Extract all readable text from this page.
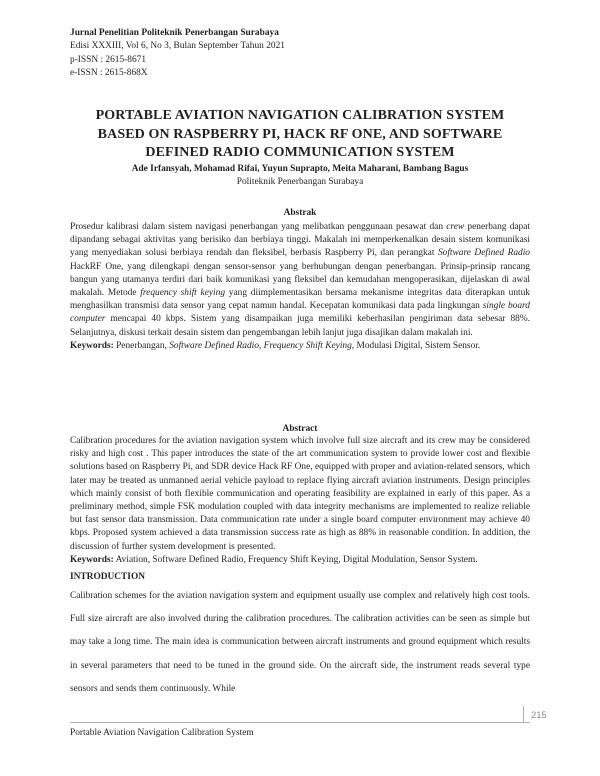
Jurnal Penelitian Politeknik Penerbangan Surabaya
Edisi XXXIII, Vol 6, No 3, Bulan September Tahun 2021
p-ISSN : 2615-8671
e-ISSN : 2615-868X
PORTABLE AVIATION NAVIGATION CALIBRATION SYSTEM
BASED ON RASPBERRY PI, HACK RF ONE, AND SOFTWARE
DEFINED RADIO COMMUNICATION SYSTEM
Ade Irfansyah, Mohamad Rifai, Yuyun Suprapto, Meita Maharani, Bambang Bagus
Politeknik Penerbangan Surabaya
Abstrak

Prosedur kalibrasi dalam sistem navigasi penerbangan yang melibatkan penggunaan pesawat dan crew penerbang dapat dipandang sebagai aktivitas yang berisiko dan berbiaya tinggi. Makalah ini memperkenalkan desain sistem komunikasi yang menyediakan solusi berbiaya rendah dan fleksibel, berbasis Raspberry Pi, dan perangkat Software Defined Radio HackRF One, yang dilengkapi dengan sensor-sensor yang berhubungan dengan penerbangan. Prinsip-prinsip rancang bangun yang utamanya terdiri dari baik komunikasi yang fleksibel dan kemudahan mengoperasikan, dijelaskan di awal makalah. Metode frequency shift keying yang diimplementasikan bersama mekanisme integritas data diterapkan untuk menghasilkan transmisi data sensor yang cepat namun handal. Kecepatan komunikasi data pada lingkungan single board computer mencapai 40 kbps. Sistem yang disampaikan juga memiliki keberhasilan pengiriman data sebesar 88%. Selanjutnya, diskusi terkait desain sistem dan pengembangan lebih lanjut juga disajikan dalam makalah ini.

Keywords: Penerbangan, Software Defined Radio, Frequency Shift Keying, Modulasi Digital, Sistem Sensor.

Abstract

Calibration procedures for the aviation navigation system which involve full size aircraft and its crew may be considered risky and high cost . This paper introduces the state of the art communication system to provide lower cost and flexible solutions based on Raspberry Pi, and SDR device Hack RF One, equipped with proper and aviation-related sensors, which later may be treated as unmanned aerial vehicle payload to replace flying aircraft aviation instruments. Design principles which mainly consist of both flexible communication and operating feasibility are explained in early of this paper. As a preliminary method, simple FSK modulation coupled with data integrity mechanisms are implemented to realize reliable but fast sensor data transmission. Data communication rate under a single board computer environment may achieve 40 kbps. Proposed system achieved a data transmission success rate as high as 88% in reasonable condition. In addition, the discussion of further system development is presented.

Keywords: Aviation, Software Defined Radio, Frequency Shift Keying, Digital Modulation, Sensor System.

INTRODUCTION
Calibration schemes for the aviation navigation system and equipment usually use complex and relatively high cost tools. Full size aircraft are also involved during the calibration procedures. The calibration activities can be seen as simple but may take a long time. The main idea is communication between aircraft instruments and ground equipment which results in several parameters that need to be tuned in the ground side. On the aircraft side, the instrument reads several type sensors and sends them continuously. While
215
Portable Aviation Navigation Calibration System
